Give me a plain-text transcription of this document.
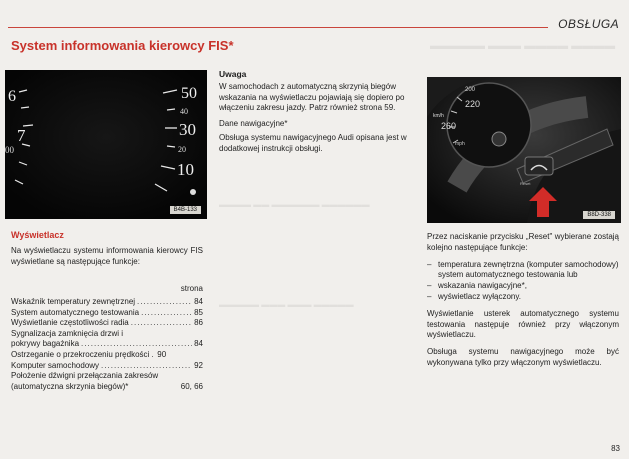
OBSŁUGA
System informowania kierowcy FIS*	▬▬▬▬▬ ▬▬▬ ▬▬▬▬ ▬▬▬▬
▬▬▬▬ ▬▬ ▬▬▬▬▬▬ ▬▬▬▬▬▬
▬▬▬▬▬ ▬▬▬ ▬▬▬ ▬▬▬▬▬
6
7
00
50
40
30
20
10
B4B-133
Wyświetlacz

Na wyświetlaczu systemu informowania kierowcy FIS wyświetlane są następujące funkcje:

strona
Wskaźnik temperatury zewnętrznej .....	84
System automatycznego testowania .....	85
Wyświetlanie częstotliwości radia .....	86
Sygnalizacja zamknięcia drzwi i
pokrywy bagażnika .....	84
Ostrzeganie o przekroczeniu prędkości ..... 90
Komputer samochodowy .....	92
Położenie dźwigni przełączania zakresów (automatyczna skrzynia biegów)*	60, 66
Uwaga

W samochodach z automatyczną skrzynią biegów wskazania na wyświetlaczu pojawiają się dopiero po włączeniu zakresu jazdy. Patrz również strona 59.

Dane nawigacyjne*

Obsługa systemu nawigacyjnego Audi opisana jest w dodatkowej instrukcji obsługi.

200
220
km/h
260
mph
Reset
B8D-338

Przez naciskanie przycisku „Reset" wybierane zostają kolejno następujące funkcje:

– temperatura zewnętrzna (komputer samochodowy) system automatycznego testowania lub
– wskazania nawigacyjne*,
– wyświetlacz wyłączony.

Wyświetlanie usterek automatycznego systemu testowania następuje również przy włączonym wyświetlaczu.

Obsługa systemu nawigacyjnego może być wykonywana tylko przy włączonym wyświetlaczu.

83
